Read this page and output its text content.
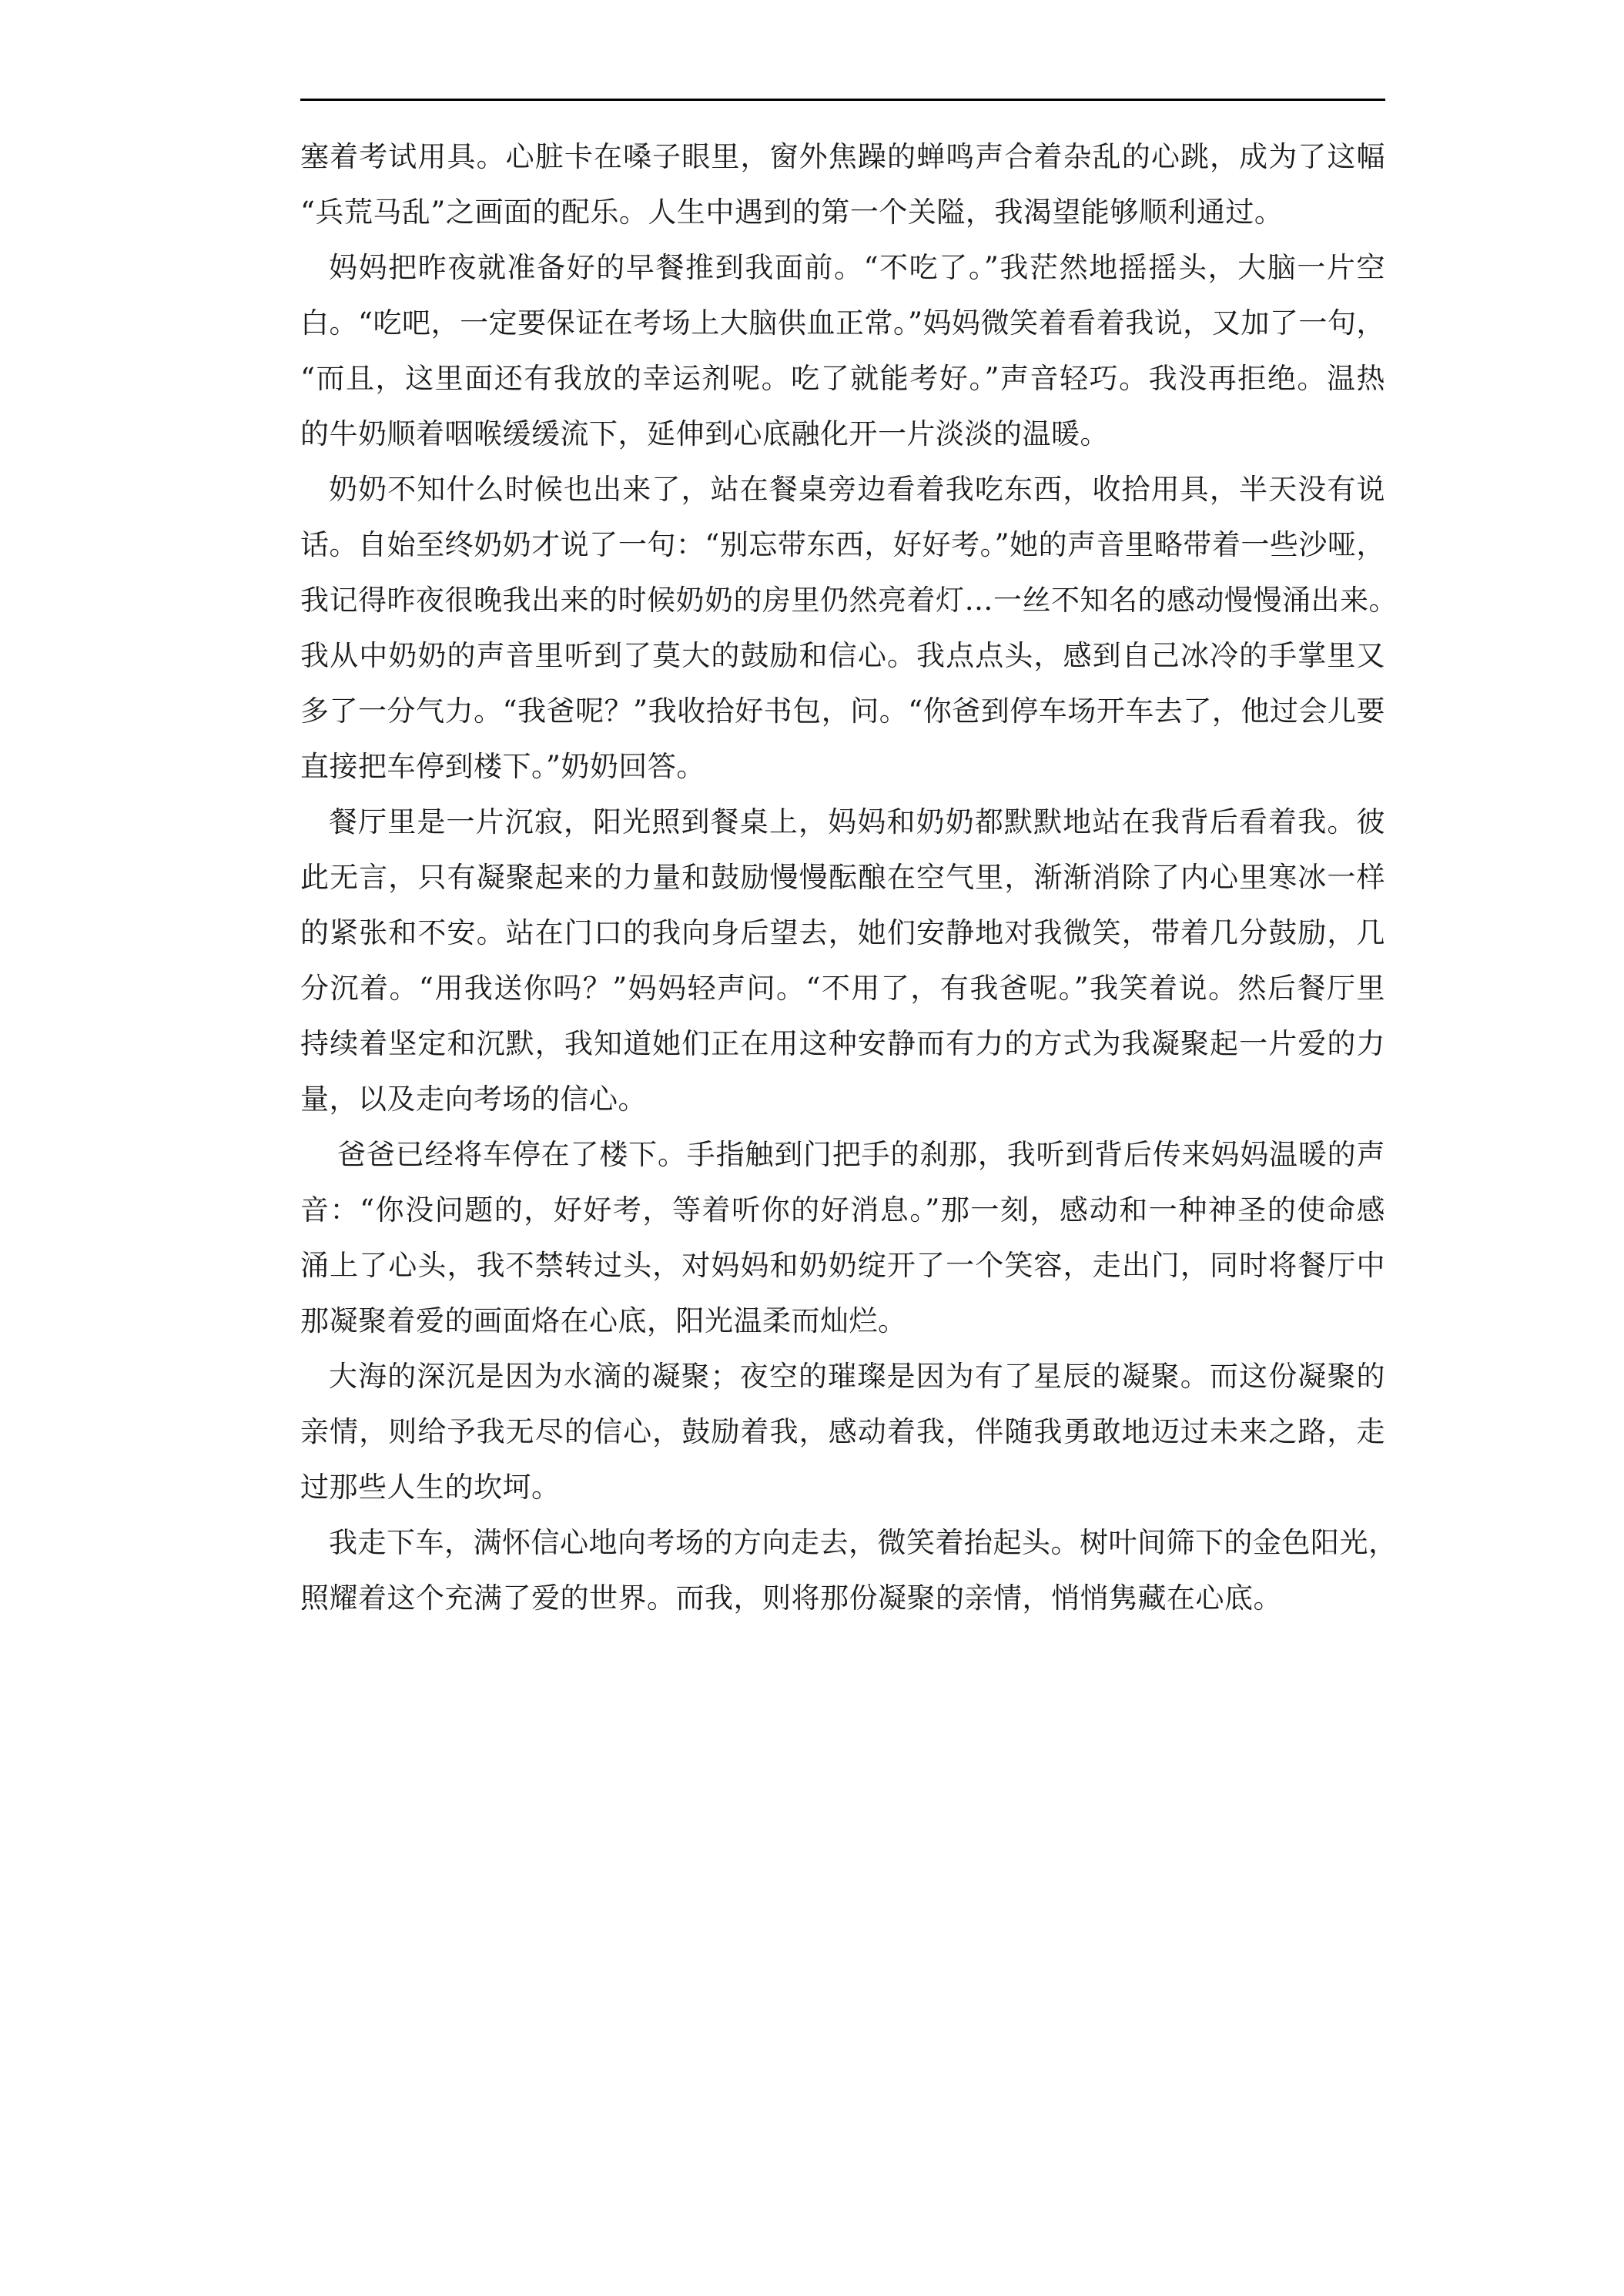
塞着考试用具。心脏卡在嗓子眼里，窗外焦躁的蝉鸣声合着杂乱的心跳，成为了这幅
“兵荒马乱”之画面的配乐。人生中遇到的第一个关隘，我渴望能够顺利通过。
妈妈把昨夜就准备好的早餐推到我面前。“不吃了。”我茫然地摇摇头，大脑一片空
白。“吃吧，一定要保证在考场上大脑供血正常。”妈妈微笑着看着我说，又加了一句，
“而且，这里面还有我放的幸运剂呢。吃了就能考好。”声音轻巧。我没再拒绝。温热
的牛奶顺着咽喉缓缓流下，延伸到心底融化开一片淡淡的温暖。
奶奶不知什么时候也出来了，站在餐桌旁边看着我吃东西，收拾用具，半天没有说
话。自始至终奶奶才说了一句：“别忘带东西，好好考。”她的声音里略带着一些沙哑，
我记得昨夜很晚我出来的时候奶奶的房里仍然亮着灯…一丝不知名的感动慢慢涌出来。
我从中奶奶的声音里听到了莫大的鼓励和信心。我点点头，感到自己冰冷的手掌里又
多了一分气力。“我爸呢？”我收拾好书包，问。“你爸到停车场开车去了，他过会儿要
直接把车停到楼下。”奶奶回答。
餐厅里是一片沉寂，阳光照到餐桌上，妈妈和奶奶都默默地站在我背后看着我。彼
此无言，只有凝聚起来的力量和鼓励慢慢酝酿在空气里，渐渐消除了内心里寒冰一样
的紧张和不安。站在门口的我向身后望去，她们安静地对我微笑，带着几分鼓励，几
分沉着。“用我送你吗？”妈妈轻声问。“不用了，有我爸呢。”我笑着说。然后餐厅里
持续着坚定和沉默，我知道她们正在用这种安静而有力的方式为我凝聚起一片爱的力
量，以及走向考场的信心。
爸爸已经将车停在了楼下。手指触到门把手的刹那，我听到背后传来妈妈温暖的声
音：“你没问题的，好好考，等着听你的好消息。”那一刻，感动和一种神圣的使命感
涌上了心头，我不禁转过头，对妈妈和奶奶绽开了一个笑容，走出门，同时将餐厅中
那凝聚着爱的画面烙在心底，阳光温柔而灿烂。
大海的深沉是因为水滴的凝聚；夜空的璀璨是因为有了星辰的凝聚。而这份凝聚的
亲情，则给予我无尽的信心，鼓励着我，感动着我，伴随我勇敢地迈过未来之路，走
过那些人生的坎坷。
我走下车，满怀信心地向考场的方向走去，微笑着抬起头。树叶间筛下的金色阳光，
照耀着这个充满了爱的世界。而我，则将那份凝聚的亲情，悄悄隽藏在心底。
